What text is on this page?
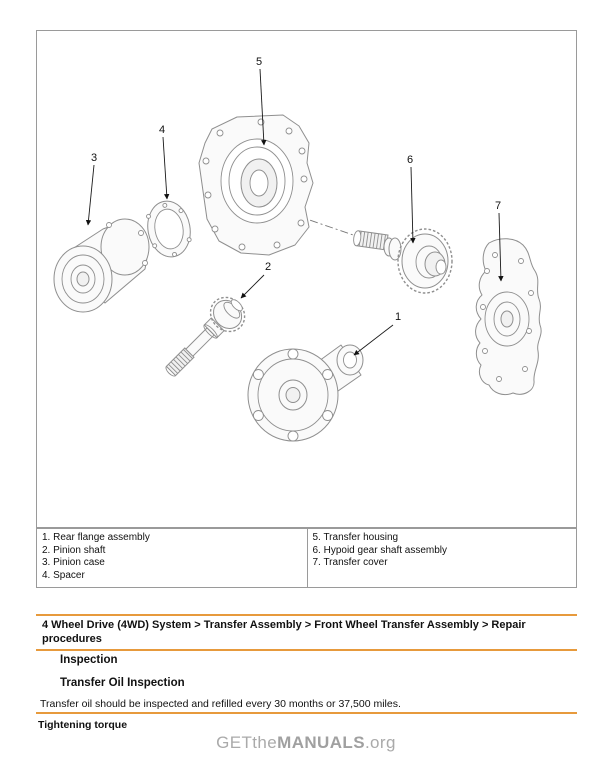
3
4
5
2
1
6
7
1. Rear flange assembly
2. Pinion shaft
3. Pinion case
4. Spacer
5. Transfer housing
6. Hypoid gear shaft assembly
7. Transfer cover
4 Wheel Drive (4WD) System > Transfer Assembly > Front Wheel Transfer Assembly > Repair procedures
Inspection
Transfer Oil Inspection
Transfer oil should be inspected and refilled every 30 months or 37,500 miles.
Tightening torque
GETtheMANUALS.org
